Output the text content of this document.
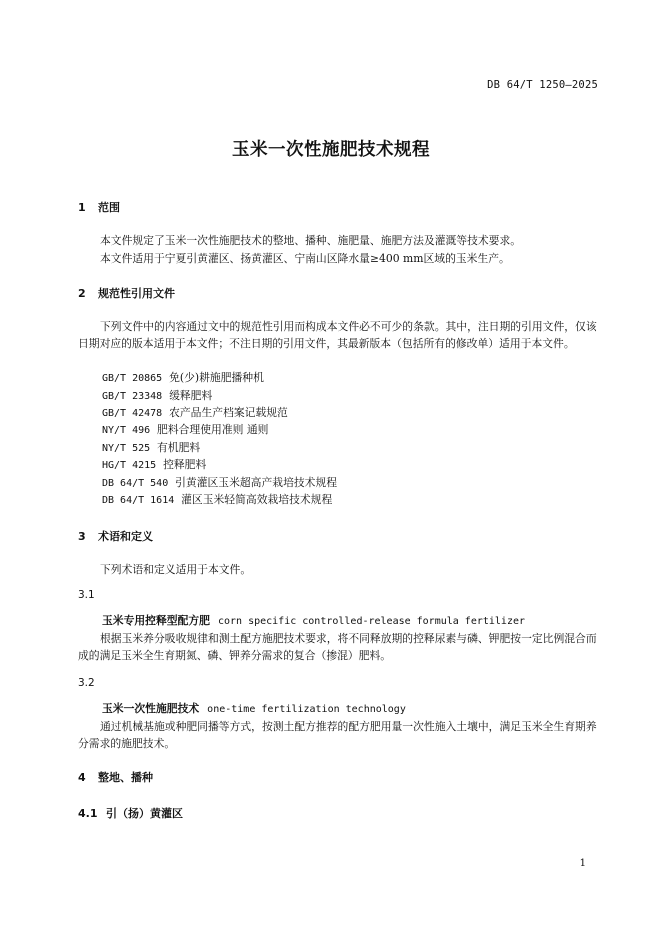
DB 64/T 1250—2025
玉米一次性施肥技术规程
1 范围
本文件规定了玉米一次性施肥技术的整地、播种、施肥量、施肥方法及灌溉等技术要求。
本文件适用于宁夏引黄灌区、扬黄灌区、宁南山区降水量≥400 mm区域的玉米生产。
2 规范性引用文件
下列文件中的内容通过文中的规范性引用而构成本文件必不可少的条款。其中，注日期的引用文件，仅该日期对应的版本适用于本文件；不注日期的引用文件，其最新版本（包括所有的修改单）适用于本文件。
GB/T 20865 免(少)耕施肥播种机
GB/T 23348 缓释肥料
GB/T 42478 农产品生产档案记载规范
NY/T 496 肥料合理使用准则 通则
NY/T 525 有机肥料
HG/T 4215 控释肥料
DB 64/T 540 引黄灌区玉米超高产栽培技术规程
DB 64/T 1614 灌区玉米轻简高效栽培技术规程
3 术语和定义
下列术语和定义适用于本文件。
3.1
玉米专用控释型配方肥 corn specific controlled-release formula fertilizer
根据玉米养分吸收规律和测土配方施肥技术要求，将不同释放期的控释尿素与磷、钾肥按一定比例混合而成的满足玉米全生育期氮、磷、钾养分需求的复合（掺混）肥料。
3.2
玉米一次性施肥技术 one-time fertilization technology
通过机械基施或种肥同播等方式，按测土配方推荐的配方肥用量一次性施入土壤中，满足玉米全生育期养分需求的施肥技术。
4 整地、播种
4.1 引（扬）黄灌区
1
